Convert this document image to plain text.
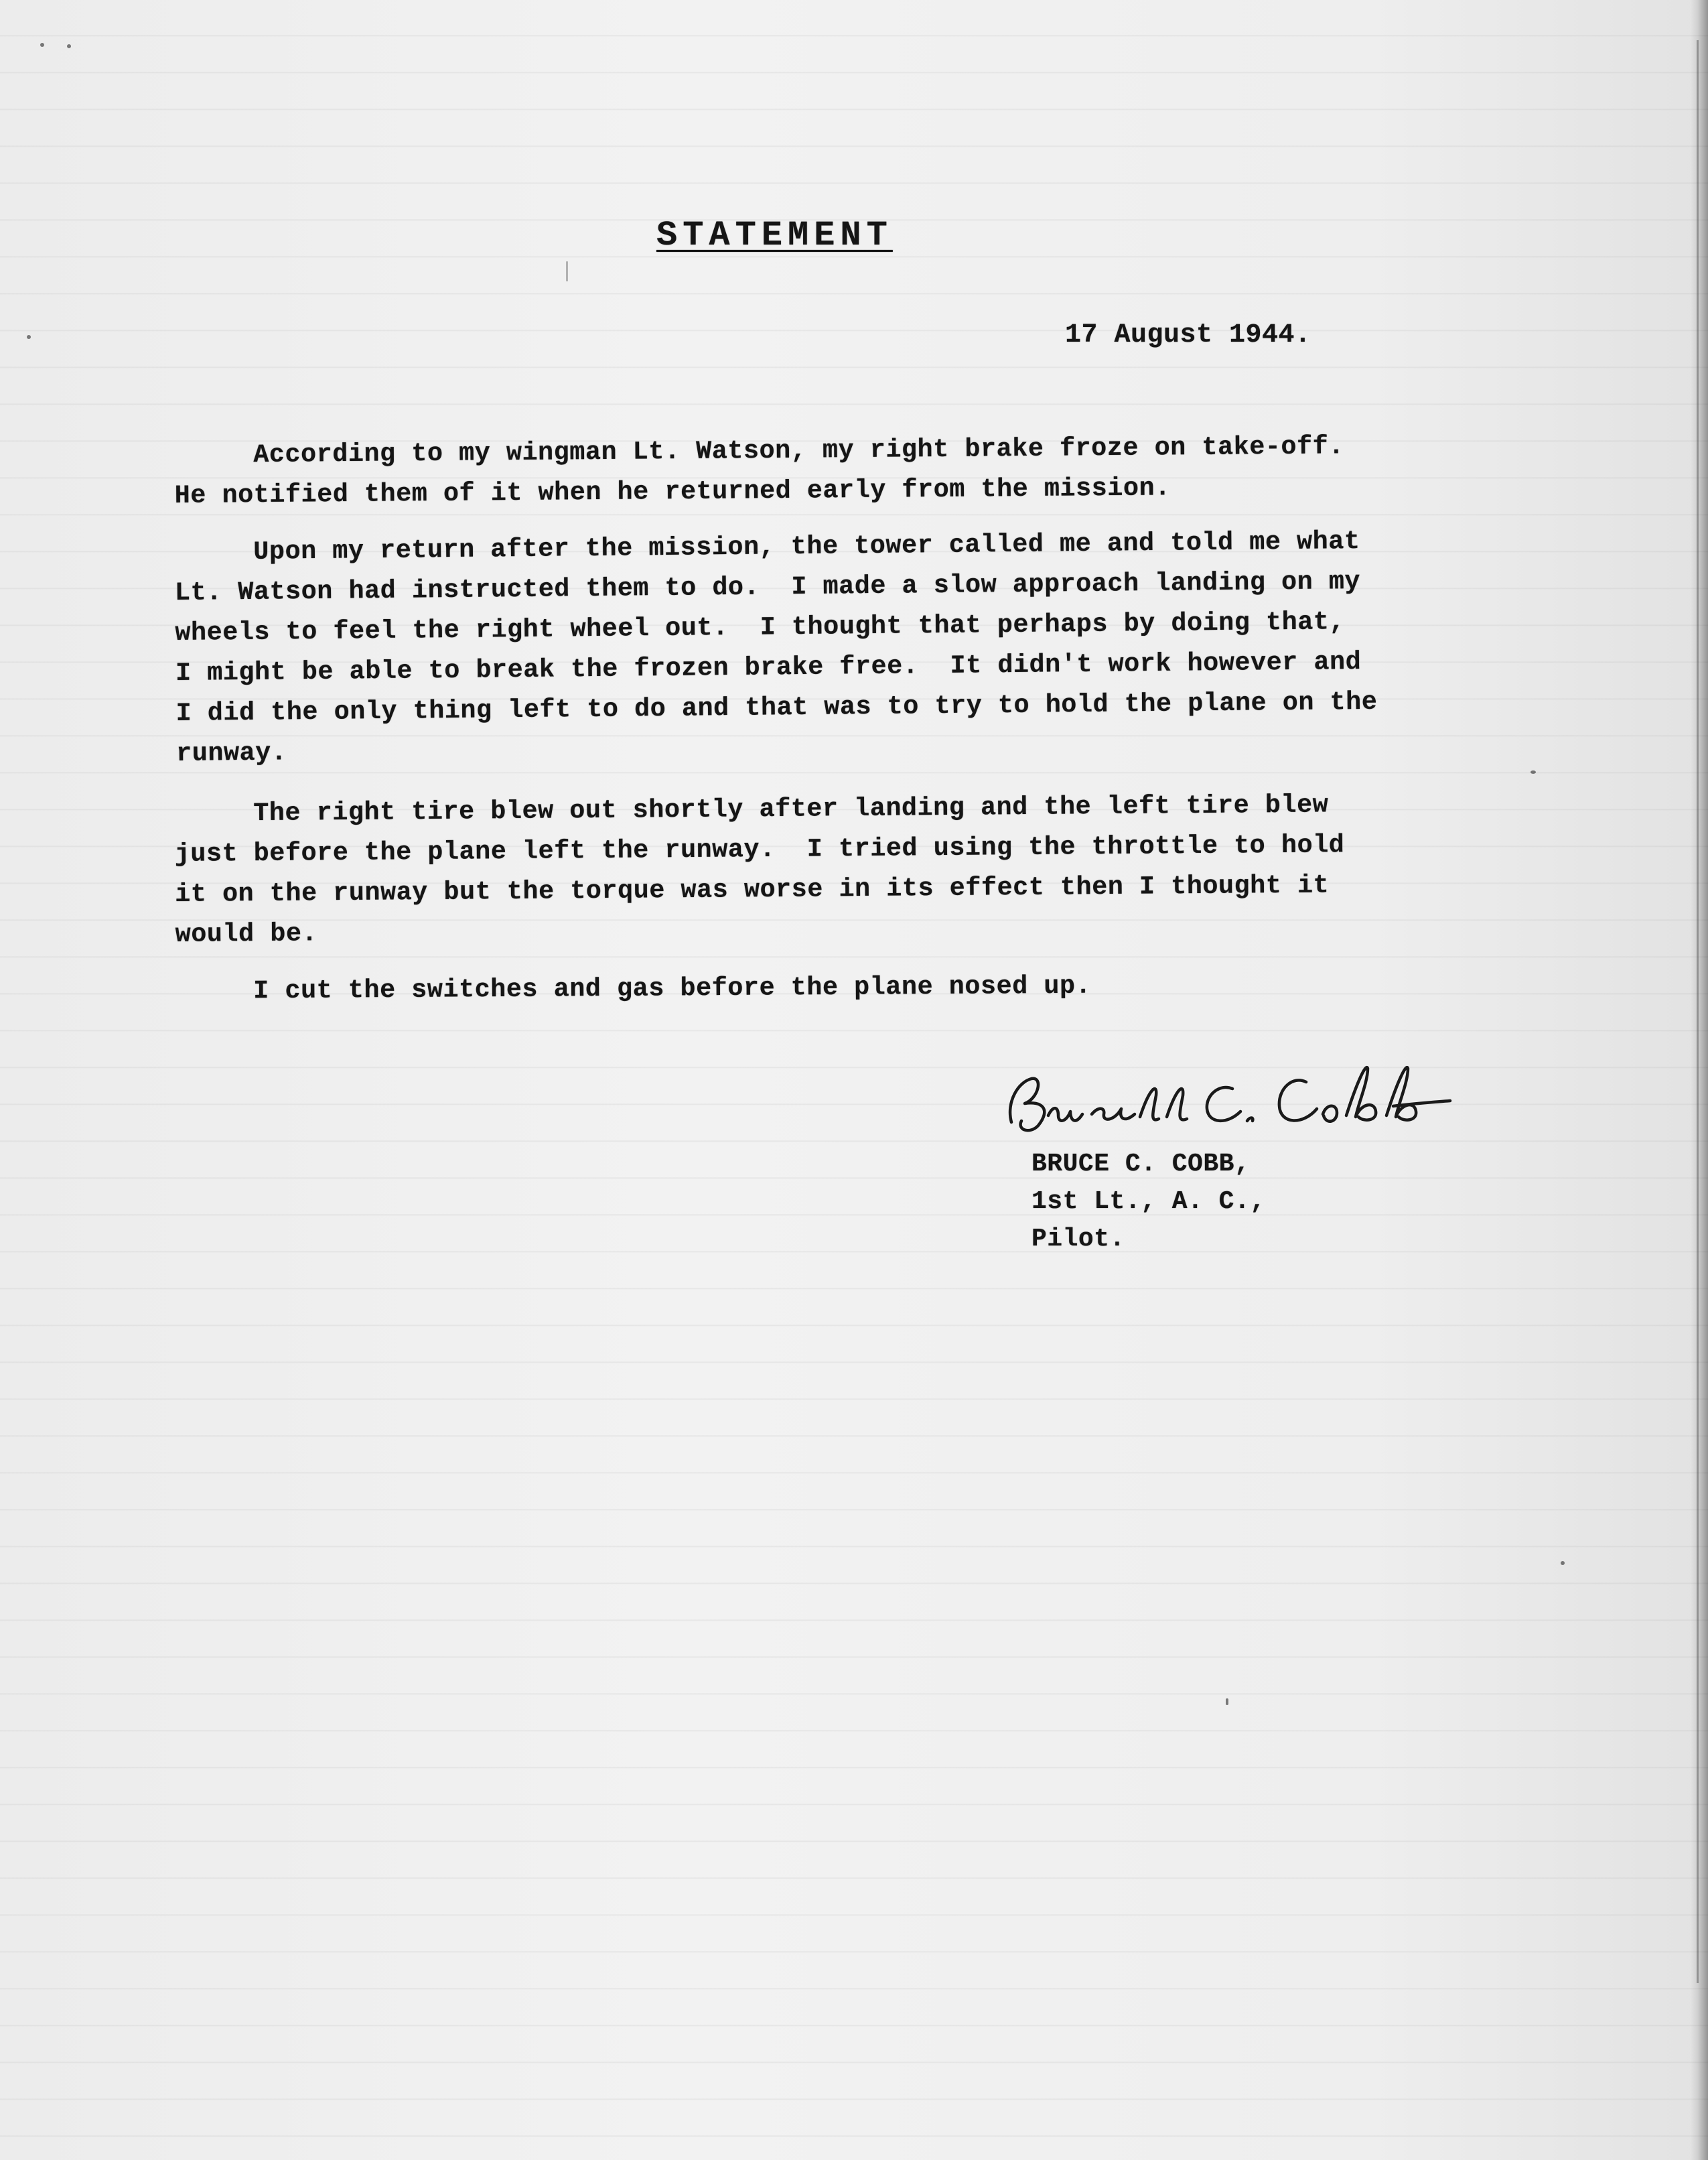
STATEMENT
17 August 1944.
According to my wingman Lt. Watson, my right brake froze on take-off.
He notified them of it when he returned early from the mission.
Upon my return after the mission, the tower called me and told me what
Lt. Watson had instructed them to do.  I made a slow approach landing on my
wheels to feel the right wheel out.  I thought that perhaps by doing that,
I might be able to break the frozen brake free.  It didn't work however and
I did the only thing left to do and that was to try to hold the plane on the
runway.
The right tire blew out shortly after landing and the left tire blew
just before the plane left the runway.  I tried using the throttle to hold
it on the runway but the torque was worse in its effect then I thought it
would be.
I cut the switches and gas before the plane nosed up.
BRUCE C. COBB,
1st Lt., A. C.,
Pilot.
